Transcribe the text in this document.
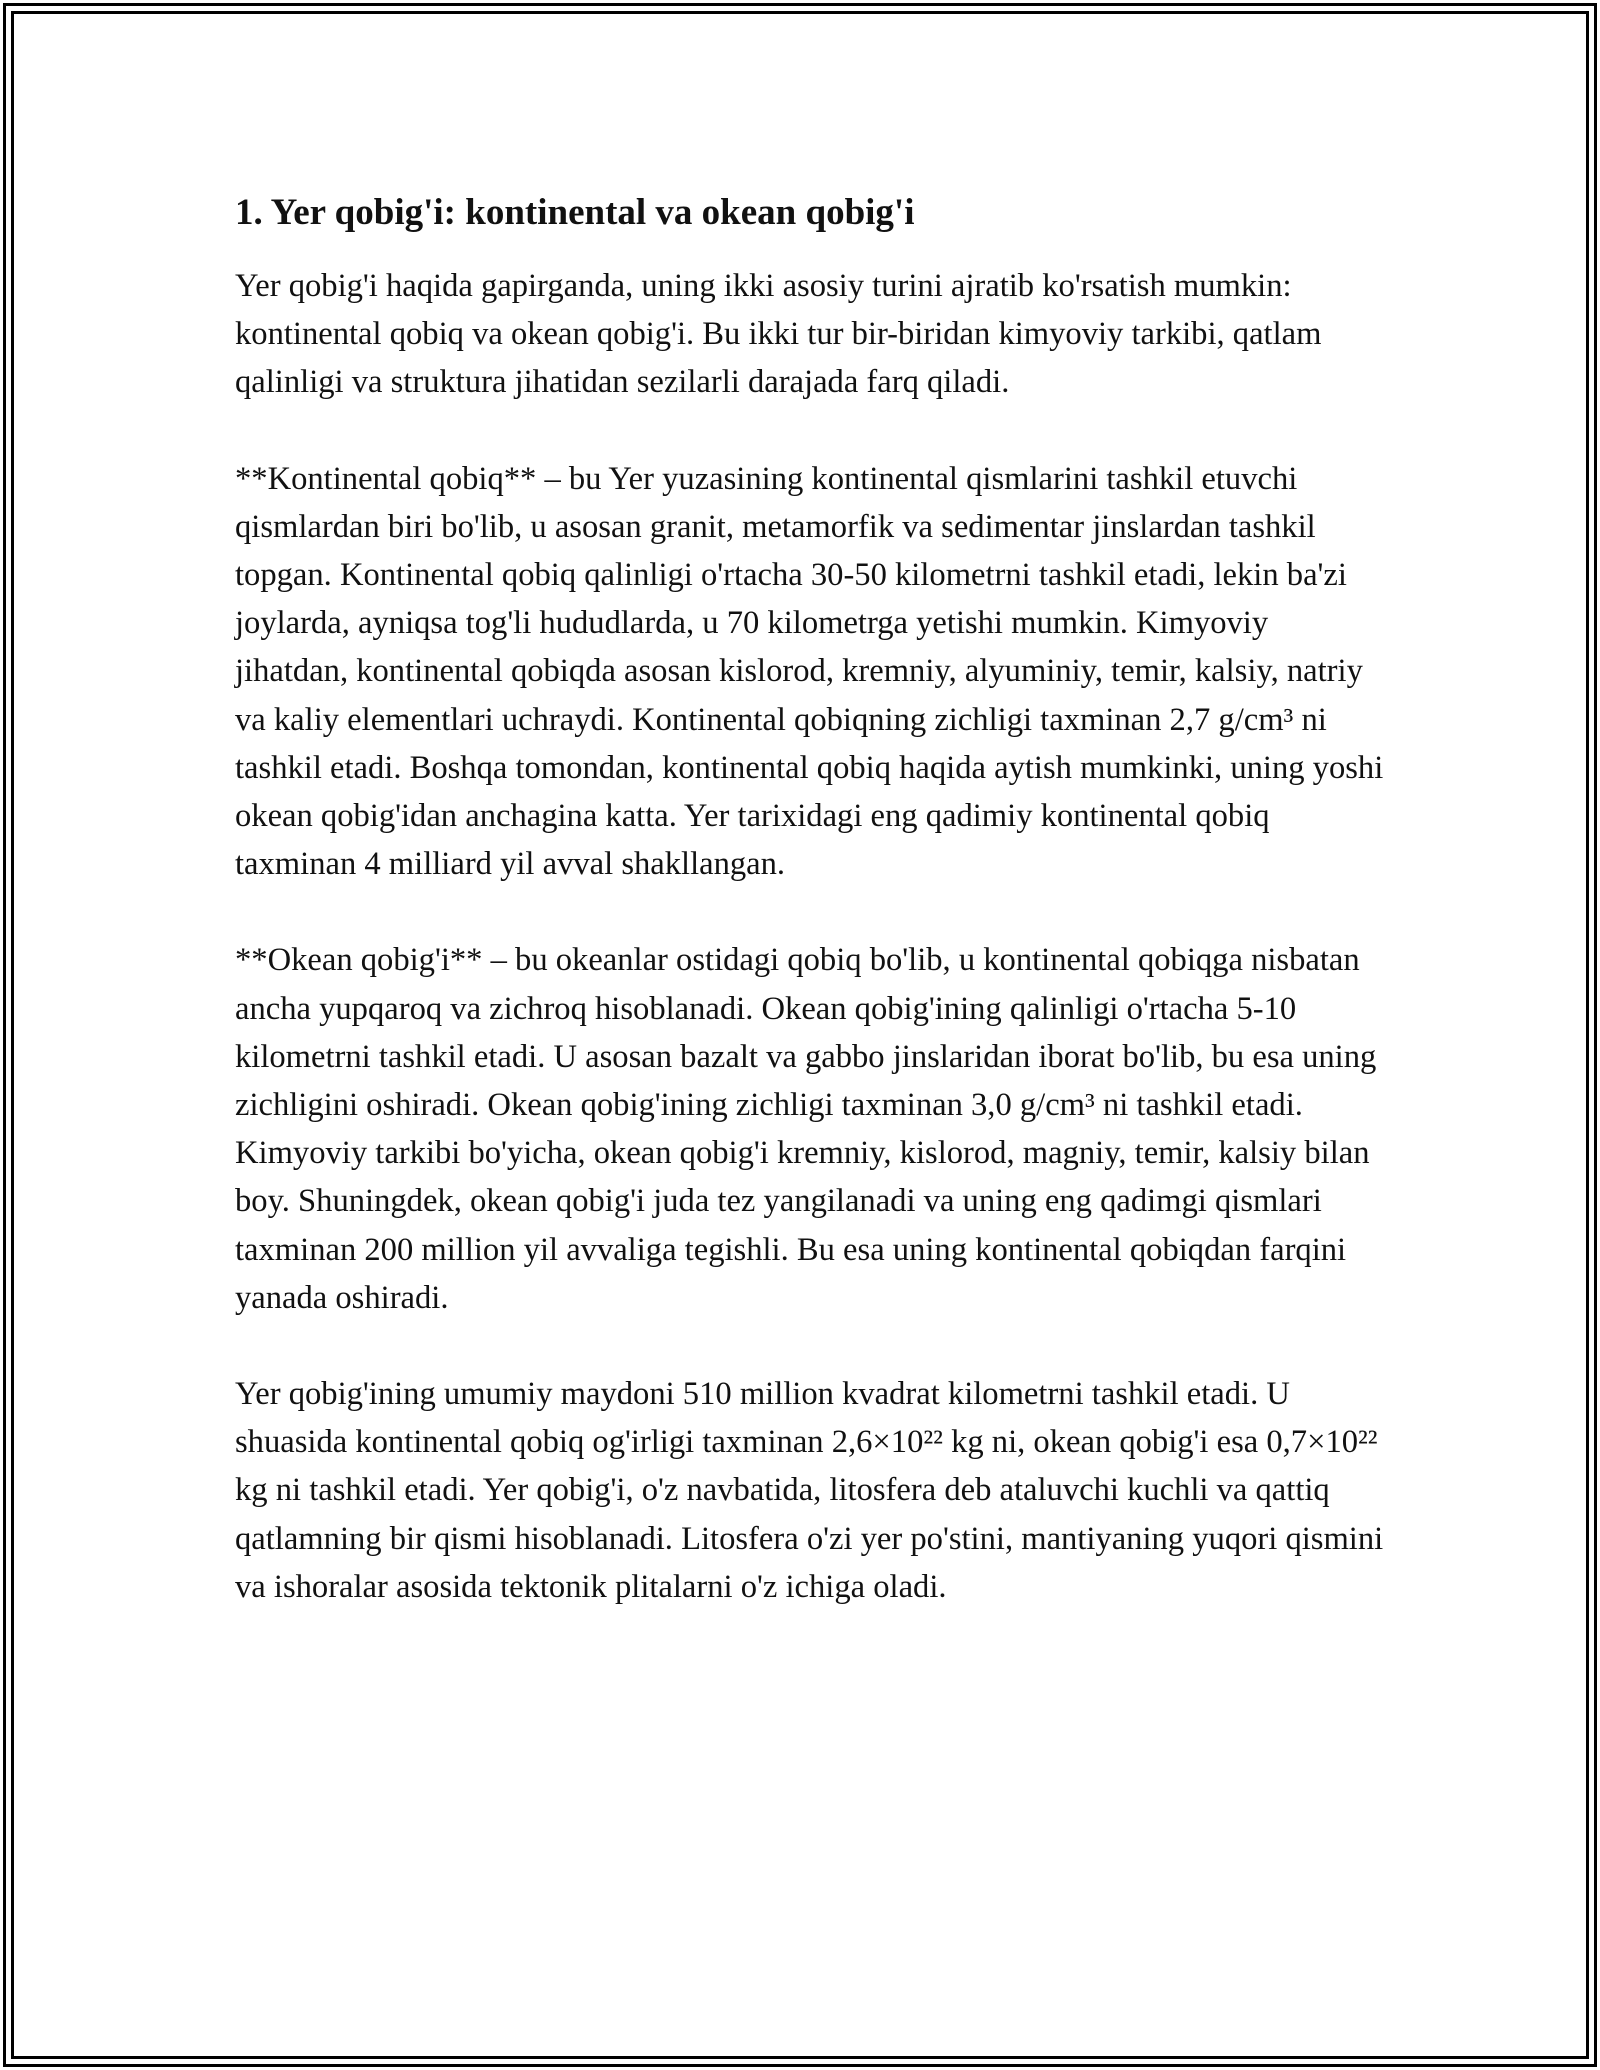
1. Yer qobig'i: kontinental va okean qobig'i

Yer qobig'i haqida gapirganda, uning ikki asosiy turini ajratib ko'rsatish mumkin: kontinental qobiq va okean qobig'i. Bu ikki tur bir-biridan kimyoviy tarkibi, qatlam qalinligi va struktura jihatidan sezilarli darajada farq qiladi.

**Kontinental qobiq** – bu Yer yuzasining kontinental qismlarini tashkil etuvchi qismlardan biri bo'lib, u asosan granit, metamorfik va sedimentar jinslardan tashkil topgan. Kontinental qobiq qalinligi o'rtacha 30-50 kilometrni tashkil etadi, lekin ba'zi joylarda, ayniqsa tog'li hududlarda, u 70 kilometrga yetishi mumkin. Kimyoviy jihatdan, kontinental qobiqda asosan kislorod, kremniy, alyuminiy, temir, kalsiy, natriy va kaliy elementlari uchraydi. Kontinental qobiqning zichligi taxminan 2,7 g/cm³ ni tashkil etadi. Boshqa tomondan, kontinental qobiq haqida aytish mumkinki, uning yoshi okean qobig'idan anchagina katta. Yer tarixidagi eng qadimiy kontinental qobiq taxminan 4 milliard yil avval shakllangan.

**Okean qobig'i** – bu okeanlar ostidagi qobiq bo'lib, u kontinental qobiqga nisbatan ancha yupqaroq va zichroq hisoblanadi. Okean qobig'ining qalinligi o'rtacha 5-10 kilometrni tashkil etadi. U asosan bazalt va gabbo jinslaridan iborat bo'lib, bu esa uning zichligini oshiradi. Okean qobig'ining zichligi taxminan 3,0 g/cm³ ni tashkil etadi. Kimyoviy tarkibi bo'yicha, okean qobig'i kremniy, kislorod, magniy, temir, kalsiy bilan boy. Shuningdek, okean qobig'i juda tez yangilanadi va uning eng qadimgi qismlari taxminan 200 million yil avvaliga tegishli. Bu esa uning kontinental qobiqdan farqini yanada oshiradi.

Yer qobig'ining umumiy maydoni 510 million kvadrat kilometrni tashkil etadi. U shuasida kontinental qobiq og'irligi taxminan 2,6×10²² kg ni, okean qobig'i esa 0,7×10²² kg ni tashkil etadi. Yer qobig'i, o'z navbatida, litosfera deb ataluvchi kuchli va qattiq qatlamning bir qismi hisoblanadi. Litosfera o'zi yer po'stini, mantiyaning yuqori qismini va ishoralar asosida tektonik plitalarni o'z ichiga oladi.
